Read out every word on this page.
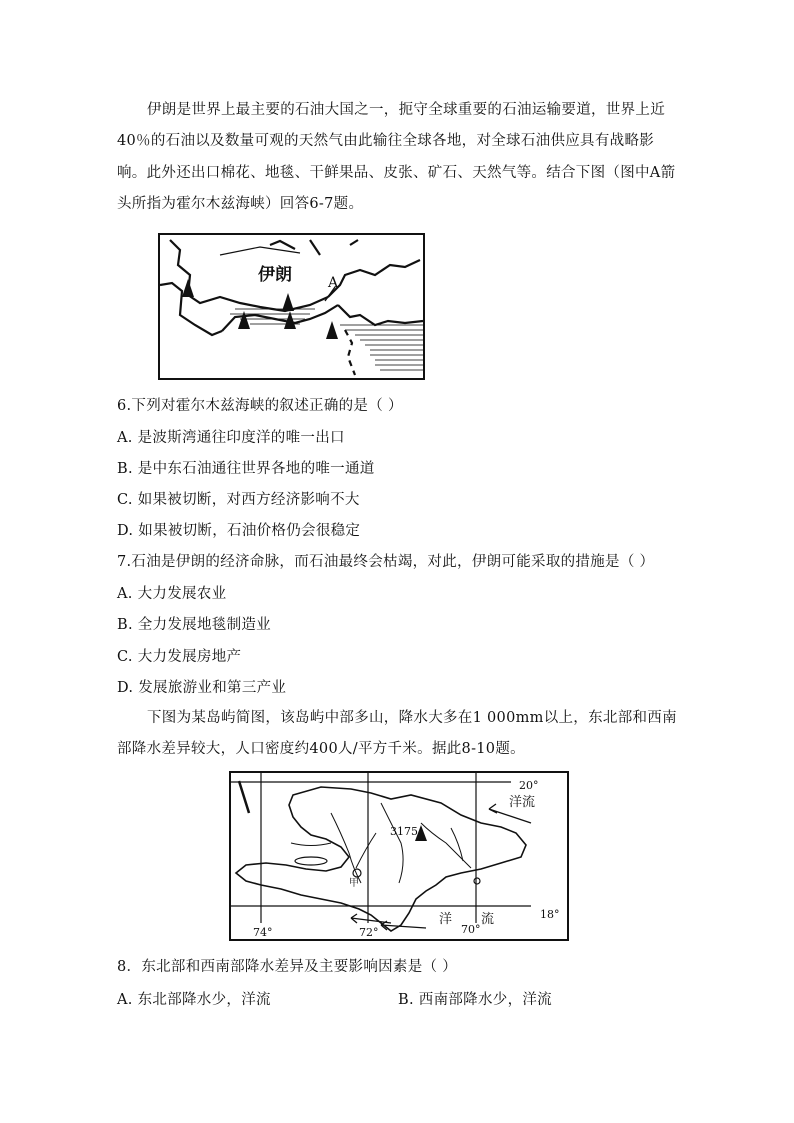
伊朗是世界上最主要的石油大国之一，扼守全球重要的石油运输要道，世界上近40％的石油以及数量可观的天然气由此输往全球各地，对全球石油供应具有战略影响。此外还出口棉花、地毯、干鲜果品、皮张、矿石、天然气等。结合下图（图中A箭头所指为霍尔木兹海峡）回答6-7题。
伊朗	A
6.下列对霍尔木兹海峡的叙述正确的是（ ）
A. 是波斯湾通往印度洋的唯一出口
B. 是中东石油通往世界各地的唯一通道
C. 如果被切断，对西方经济影响不大
D. 如果被切断，石油价格仍会很稳定
7.石油是伊朗的经济命脉，而石油最终会枯竭，对此，伊朗可能采取的措施是（ ）
A. 大力发展农业
B. 全力发展地毯制造业
C. 大力发展房地产
D. 发展旅游业和第三产业
下图为某岛屿简图，该岛屿中部多山，降水大多在1 000mm以上，东北部和西南部降水差异较大，人口密度约400人/平方千米。据此8-10题。
20°
18°
74°	72°	70°
3175
洋流
洋 流
甲
8．东北部和西南部降水差异及主要影响因素是（ ）
A. 东北部降水少，洋流	B. 西南部降水少，洋流
